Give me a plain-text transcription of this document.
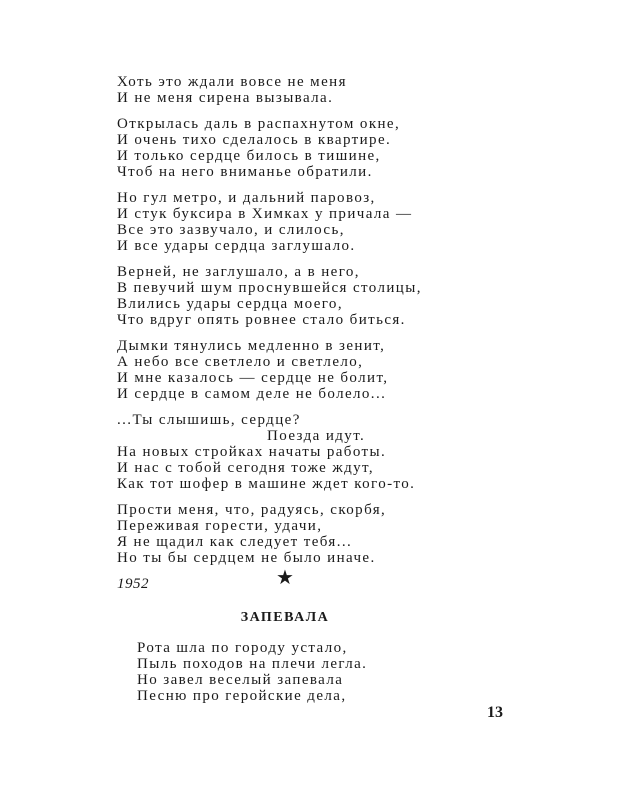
Хоть это ждали вовсе не меня
И не меня сирена вызывала.
Открылась даль в распахнутом окне,
И очень тихо сделалось в квартире.
И только сердце билось в тишине,
Чтоб на него вниманье обратили.
Но гул метро, и дальний паровоз,
И стук буксира в Химках у причала —
Все это зазвучало, и слилось,
И все удары сердца заглушало.
Верней, не заглушало, а в него,
В певучий шум проснувшейся столицы,
Влились удары сердца моего,
Что вдруг опять ровнее стало биться.
Дымки тянулись медленно в зенит,
А небо все светлело и светлело,
И мне казалось — сердце не болит,
И сердце в самом деле не болело...
...Ты слышишь, сердце?
Поезда идут.
На новых стройках начаты работы.
И нас с тобой сегодня тоже ждут,
Как тот шофер в машине ждет кого-то.
Прости меня, что, радуясь, скорбя,
Переживая горести, удачи,
Я не щадил как следует тебя...
Но ты бы сердцем не было иначе.
1952	★
ЗАПЕВАЛА
Рота шла по городу устало,
Пыль походов на плечи легла.
Но завел веселый запевала
Песню про геройские дела,
13
